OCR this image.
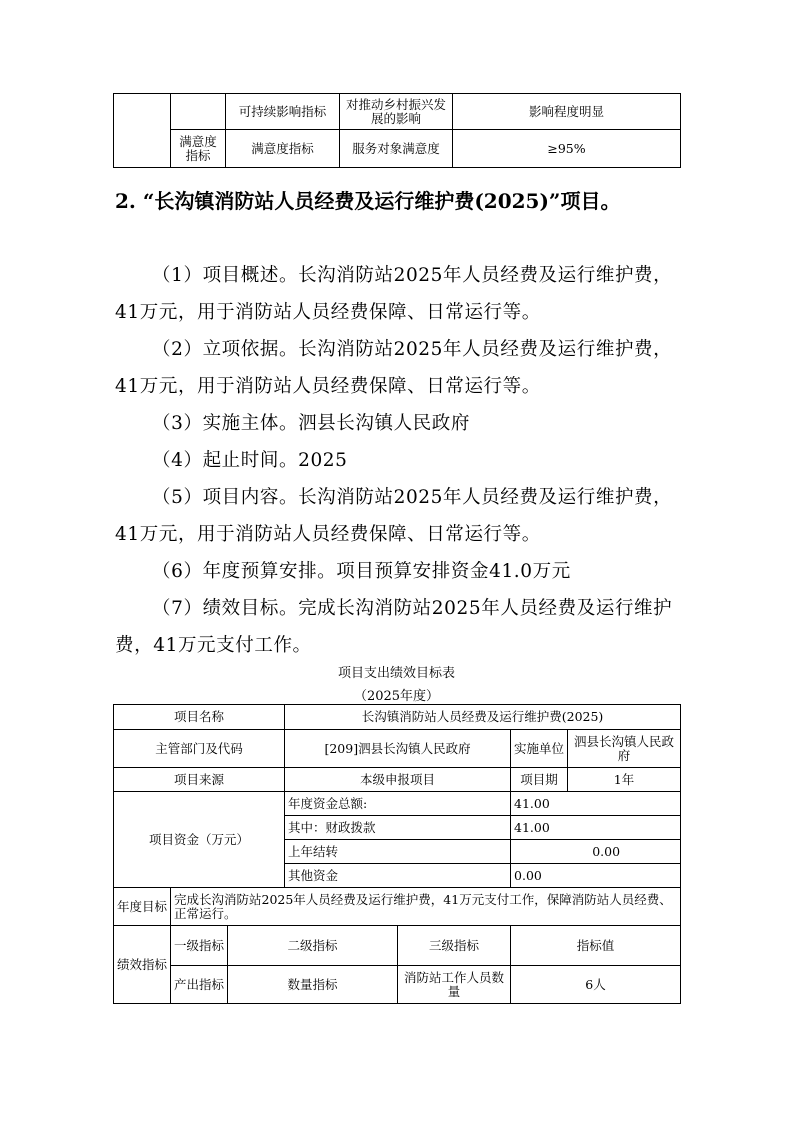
		可持续影响指标	对推动乡村振兴发展的影响	影响程度明显
	满意度指标	满意度指标	服务对象满意度	≥95%
2. “长沟镇消防站人员经费及运行维护费(2025)”项目。
（1）项目概述。长沟消防站2025年人员经费及运行维护费，41万元，用于消防站人员经费保障、日常运行等。
（2）立项依据。长沟消防站2025年人员经费及运行维护费，41万元，用于消防站人员经费保障、日常运行等。
（3）实施主体。泗县长沟镇人民政府
（4）起止时间。2025
（5）项目内容。长沟消防站2025年人员经费及运行维护费，41万元，用于消防站人员经费保障、日常运行等。
（6）年度预算安排。项目预算安排资金41.0万元
（7）绩效目标。完成长沟消防站2025年人员经费及运行维护费，41万元支付工作。
项目支出绩效目标表
（2025年度）
项目名称			长沟镇消防站人员经费及运行维护费(2025)			
主管部门及代码			[209]泗县长沟镇人民政府		实施单位	泗县长沟镇人民政府
项目来源			本级申报项目		项目期	1年
项目资金（万元）			年度资金总额:		41.00	
			其中：财政拨款		41.00	
			上年结转		0.00	
			其他资金		0.00	
年度目标	完成长沟消防站2025年人员经费及运行维护费，41万元支付工作，保障消防站人员经费、正常运行。					
绩效指标	一级指标	二级指标		三级指标	指标值	
	产出指标	数量指标		消防站工作人员数量	6人	
